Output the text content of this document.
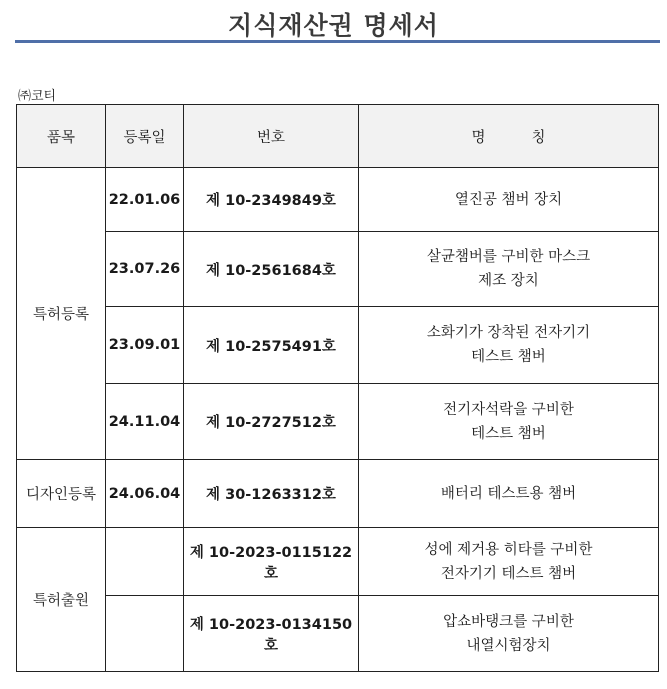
지식재산권 명세서
㈜코티
품목	등록일	번호	명          칭
특허등록	22.01.06	제 10-2349849호	열진공 챔버 장치

	23.07.26	제 10-2561684호	살균챔버를 구비한 마스크
제조 장치

	23.09.01	제 10-2575491호	소화기가 장착된 전자기기
테스트 챔버

	24.11.04	제 10-2727512호	전기자석락을 구비한
테스트 챔버

디자인등록	24.06.04	제 30-1263312호	배터리 테스트용 챔버

특허출원		제 10-2023-0115122호	성에 제거용 히타를 구비한
전자기기 테스트 챔버

		제 10-2023-0134150호	압쇼바탱크를 구비한
내열시험장치
